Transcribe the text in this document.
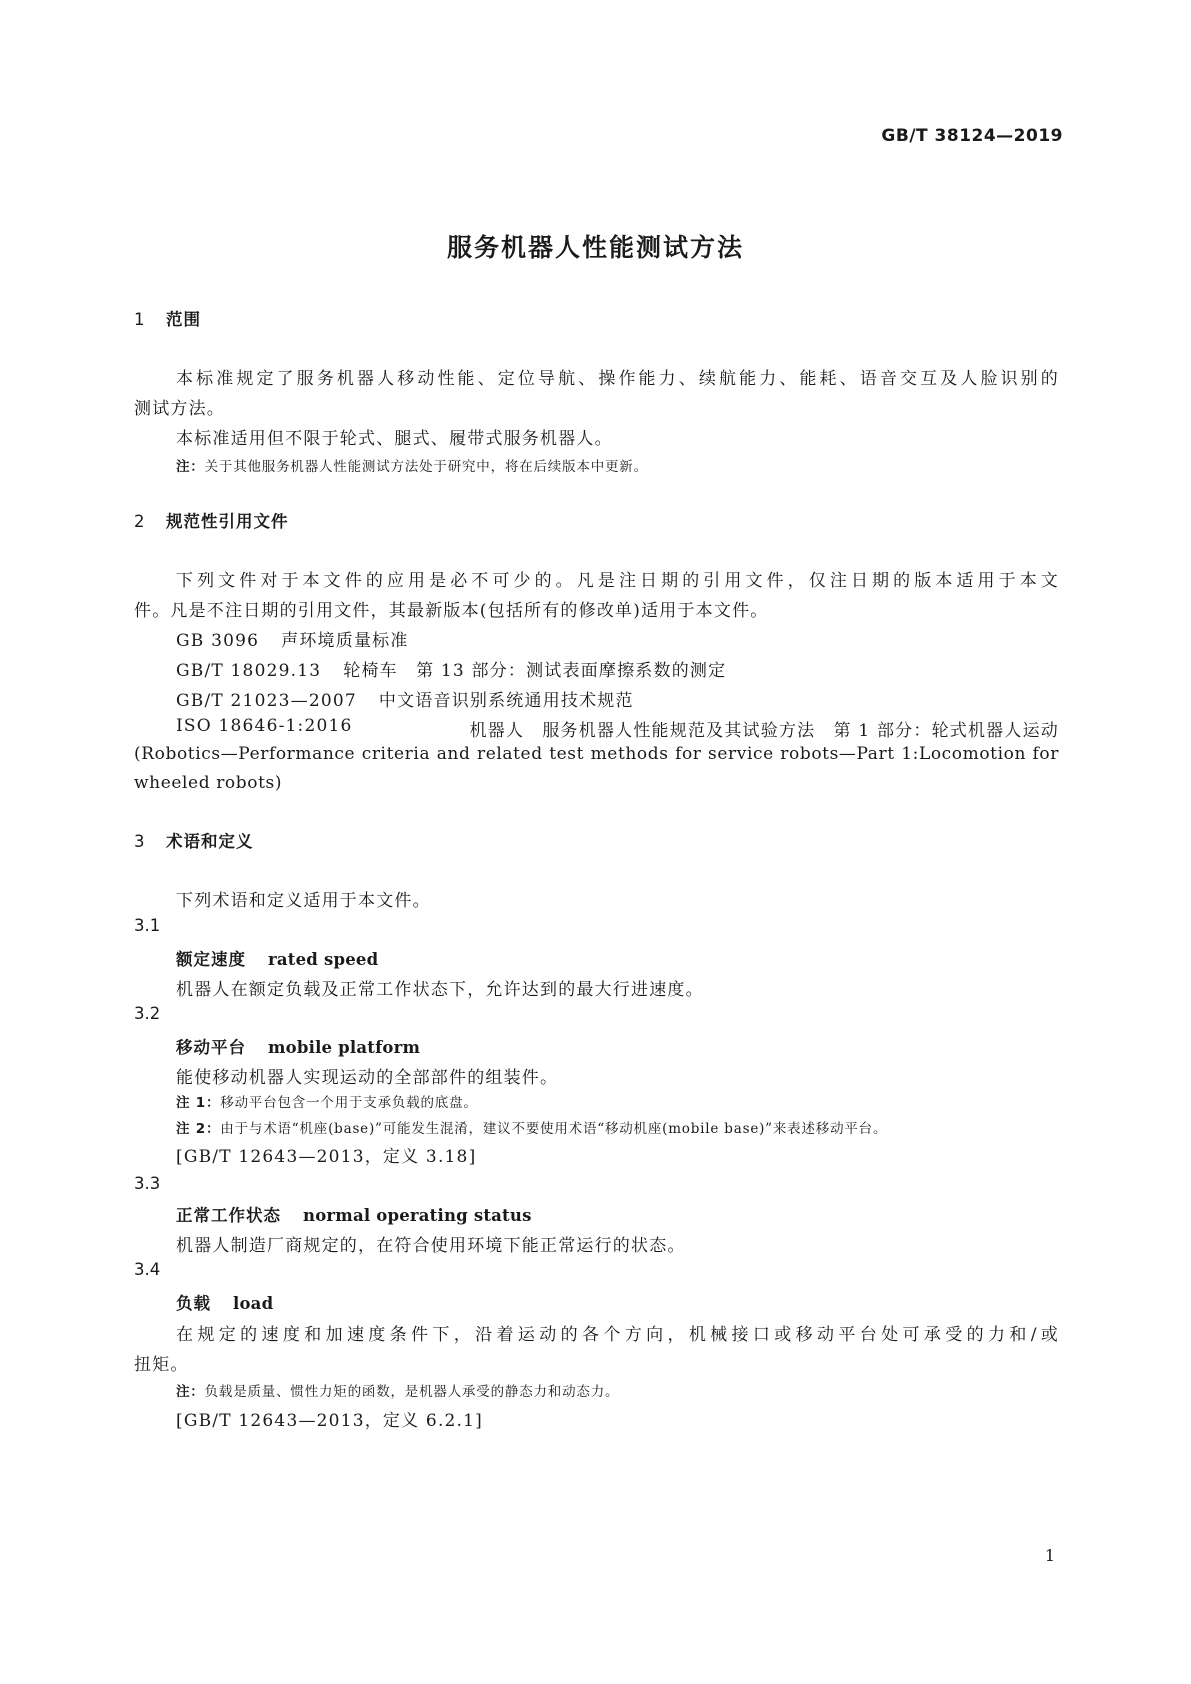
GB/T 38124—2019
服务机器人性能测试方法
1 范围
本标准规定了服务机器人移动性能、定位导航、操作能力、续航能力、能耗、语音交互及人脸识别的
测试方法。
本标准适用但不限于轮式、腿式、履带式服务机器人。
注：关于其他服务机器人性能测试方法处于研究中，将在后续版本中更新。
2 规范性引用文件
下列文件对于本文件的应用是必不可少的。凡是注日期的引用文件，仅注日期的版本适用于本文
件。凡是不注日期的引用文件，其最新版本(包括所有的修改单)适用于本文件。
GB 3096 声环境质量标准
GB/T 18029.13 轮椅车　第 13 部分：测试表面摩擦系数的测定
GB/T 21023—2007 中文语音识别系统通用技术规范
ISO 18646-1:2016	机器人　服务机器人性能规范及其试验方法　第 1 部分：轮式机器人运动
(Robotics—Performance criteria and related test methods for service robots—Part 1:Locomotion for
wheeled robots)
3 术语和定义
下列术语和定义适用于本文件。
3.1
额定速度 rated speed
机器人在额定负载及正常工作状态下，允许达到的最大行进速度。
3.2
移动平台 mobile platform
能使移动机器人实现运动的全部部件的组装件。
注 1：移动平台包含一个用于支承负载的底盘。
注 2：由于与术语“机座(base)”可能发生混淆，建议不要使用术语“移动机座(mobile base)”来表述移动平台。
[GB/T 12643—2013，定义 3.18]
3.3
正常工作状态 normal operating status
机器人制造厂商规定的，在符合使用环境下能正常运行的状态。
3.4
负载 load
在规定的速度和加速度条件下，沿着运动的各个方向，机械接口或移动平台处可承受的力和/或
扭矩。
注：负载是质量、惯性力矩的函数，是机器人承受的静态力和动态力。
[GB/T 12643—2013，定义 6.2.1]
1
